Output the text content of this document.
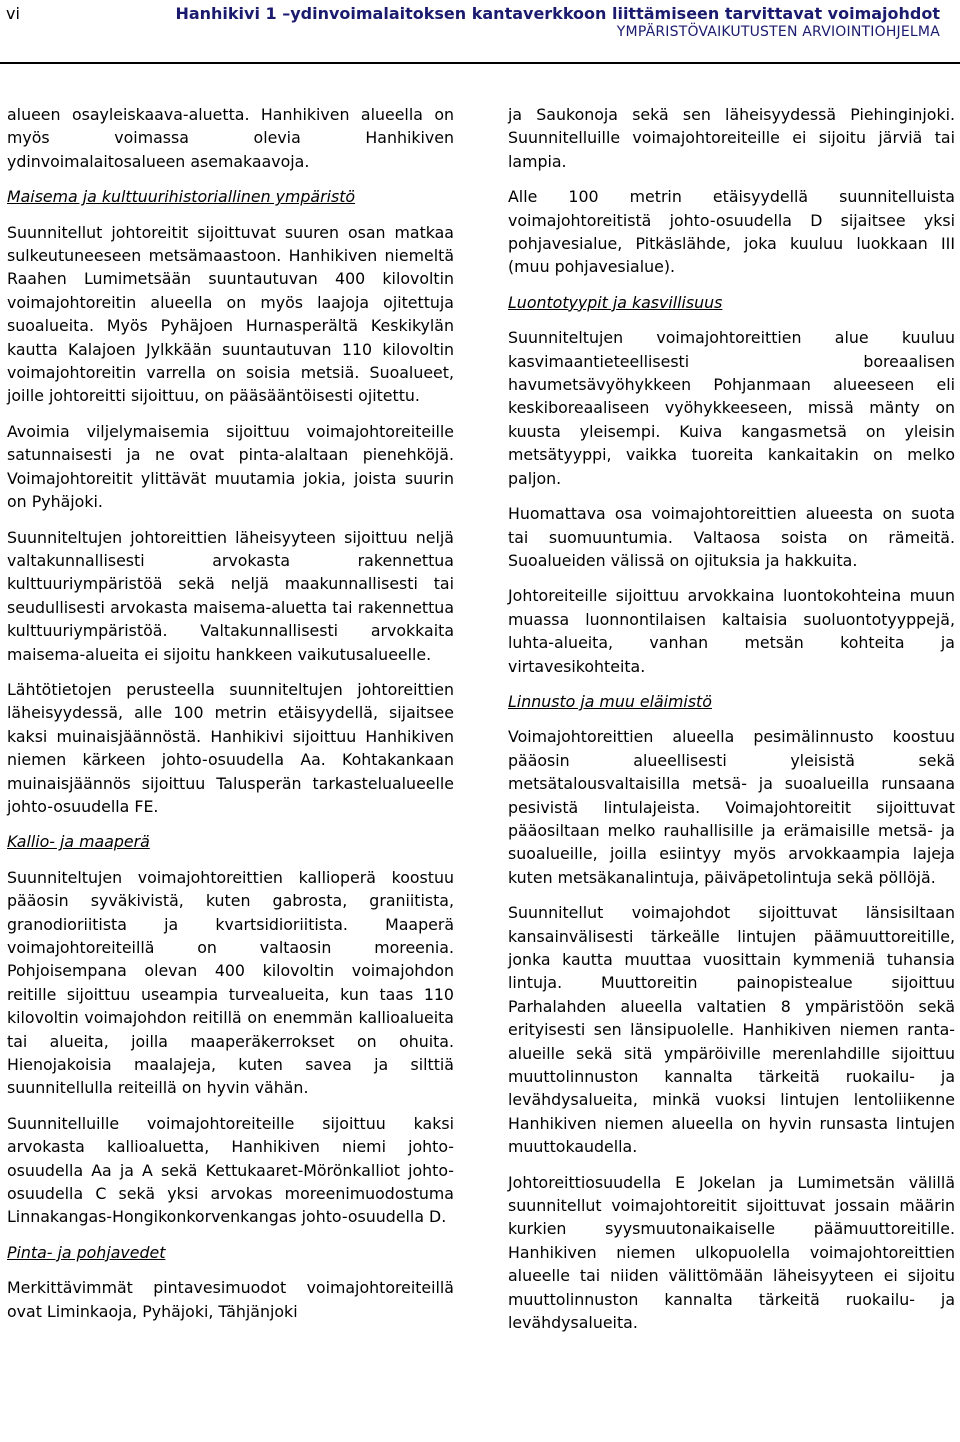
vi	Hanhikivi 1 –ydinvoimalaitoksen kantaverkkoon liittämiseen tarvittavat voimajohdot
YMPÄRISTÖVAIKUTUSTEN ARVIOINTIOHJELMA

alueen osayleiskaava-aluetta. Hanhikiven alueella on myös voimassa olevia Hanhikiven ydinvoimalaitosalueen asemakaavoja.

Maisema ja kulttuurihistoriallinen ympäristö

Suunnitellut johtoreitit sijoittuvat suuren osan matkaa sulkeutuneeseen metsämaastoon. Hanhikiven niemeltä Raahen Lumimetsään suuntautuvan 400 kilovoltin voimajohtoreitin alueella on myös laajoja ojitettuja suoalueita. Myös Pyhäjoen Hurnasperältä Keskikylän kautta Kalajoen Jylkkään suuntautuvan 110 kilovoltin voimajohtoreitin varrella on soisia metsiä. Suoalueet, joille johtoreitti sijoittuu, on pääsääntöisesti ojitettu.

Avoimia viljelymaisemia sijoittuu voimajohtoreiteille satunnaisesti ja ne ovat pinta-alaltaan pienehköjä. Voimajohtoreitit ylittävät muutamia jokia, joista suurin on Pyhäjoki.

Suunniteltujen johtoreittien läheisyyteen sijoittuu neljä valtakunnallisesti arvokasta rakennettua kulttuuriympäristöä sekä neljä maakunnallisesti tai seudullisesti arvokasta maisema-aluetta tai rakennettua kulttuuriympäristöä. Valtakunnallisesti arvokkaita maisema-alueita ei sijoitu hankkeen vaikutusalueelle.

Lähtötietojen perusteella suunniteltujen johtoreittien läheisyydessä, alle 100 metrin etäisyydellä, sijaitsee kaksi muinaisjäännöstä. Hanhikivi sijoittuu Hanhikiven niemen kärkeen johto-osuudella Aa. Kohtakankaan muinaisjäännös sijoittuu Talusperän tarkastelualueelle johto-osuudella FE.

Kallio- ja maaperä

Suunniteltujen voimajohtoreittien kallioperä koostuu pääosin syväkivistä, kuten gabrosta, graniitista, granodioriitista ja kvartsidioriitista. Maaperä voimajohtoreiteillä on valtaosin moreenia. Pohjoisempana olevan 400 kilovoltin voimajohdon reitille sijoittuu useampia turvealueita, kun taas 110 kilovoltin voimajohdon reitillä on enemmän kallioalueita tai alueita, joilla maaperäkerrokset on ohuita. Hienojakoisia maalajeja, kuten savea ja silttiä suunnitellulla reiteillä on hyvin vähän.

Suunnitelluille voimajohtoreiteille sijoittuu kaksi arvokasta kallioaluetta, Hanhikiven niemi johto-osuudella Aa ja A sekä Kettukaaret-Mörönkalliot johto-osuudella C sekä yksi arvokas moreenimuodostuma Linnakangas-Hongikonkorvenkangas johto-osuudella D.

Pinta- ja pohjavedet

Merkittävimmät pintavesimuodot voimajohtoreiteillä ovat Liminkaoja, Pyhäjoki, Tähjänjoki

ja Saukonoja sekä sen läheisyydessä Piehinginjoki. Suunnitelluille voimajohtoreiteille ei sijoitu järviä tai lampia.

Alle 100 metrin etäisyydellä suunnitelluista voimajohtoreitistä johto-osuudella D sijaitsee yksi pohjavesialue, Pitkäslähde, joka kuuluu luokkaan III (muu pohjavesialue).

Luontotyypit ja kasvillisuus

Suunniteltujen voimajohtoreittien alue kuuluu kasvimaantieteellisesti boreaalisen havumetsävyöhykkeen Pohjanmaan alueeseen eli keskiboreaaliseen vyöhykkeeseen, missä mänty on kuusta yleisempi. Kuiva kangasmetsä on yleisin metsätyyppi, vaikka tuoreita kankaitakin on melko paljon.

Huomattava osa voimajohtoreittien alueesta on suota tai suomuuntumia. Valtaosa soista on rämeitä. Suoalueiden välissä on ojituksia ja hakkuita.

Johtoreiteille sijoittuu arvokkaina luontokohteina muun muassa luonnontilaisen kaltaisia suoluontotyyppejä, luhta-alueita, vanhan metsän kohteita ja virtavesikohteita.

Linnusto ja muu eläimistö

Voimajohtoreittien alueella pesimälinnusto koostuu pääosin alueellisesti yleisistä sekä metsätalousvaltaisilla metsä- ja suoalueilla runsaana pesivistä lintulajeista. Voimajohtoreitit sijoittuvat pääosiltaan melko rauhallisille ja erämaisille metsä- ja suoalueille, joilla esiintyy myös arvokkaampia lajeja kuten metsäkanalintuja, päiväpetolintuja sekä pöllöjä.

Suunnitellut voimajohdot sijoittuvat länsisiltaan kansainvälisesti tärkeälle lintujen päämuuttoreitille, jonka kautta muuttaa vuosittain kymmeniä tuhansia lintuja. Muuttoreitin painopistealue sijoittuu Parhalahden alueella valtatien 8 ympäristöön sekä erityisesti sen länsipuolelle. Hanhikiven niemen ranta-alueille sekä sitä ympäröiville merenlahdille sijoittuu muuttolinnuston kannalta tärkeitä ruokailu- ja levähdysalueita, minkä vuoksi lintujen lentoliikenne Hanhikiven niemen alueella on hyvin runsasta lintujen muuttokaudella.

Johtoreittiosuudella E Jokelan ja Lumimetsän välillä suunnitellut voimajohtoreitit sijoittuvat jossain määrin kurkien syysmuutonaikaiselle päämuuttoreitille. Hanhikiven niemen ulkopuolella voimajohtoreittien alueelle tai niiden välittömään läheisyyteen ei sijoitu muuttolinnuston kannalta tärkeitä ruokailu- ja levähdysalueita.
